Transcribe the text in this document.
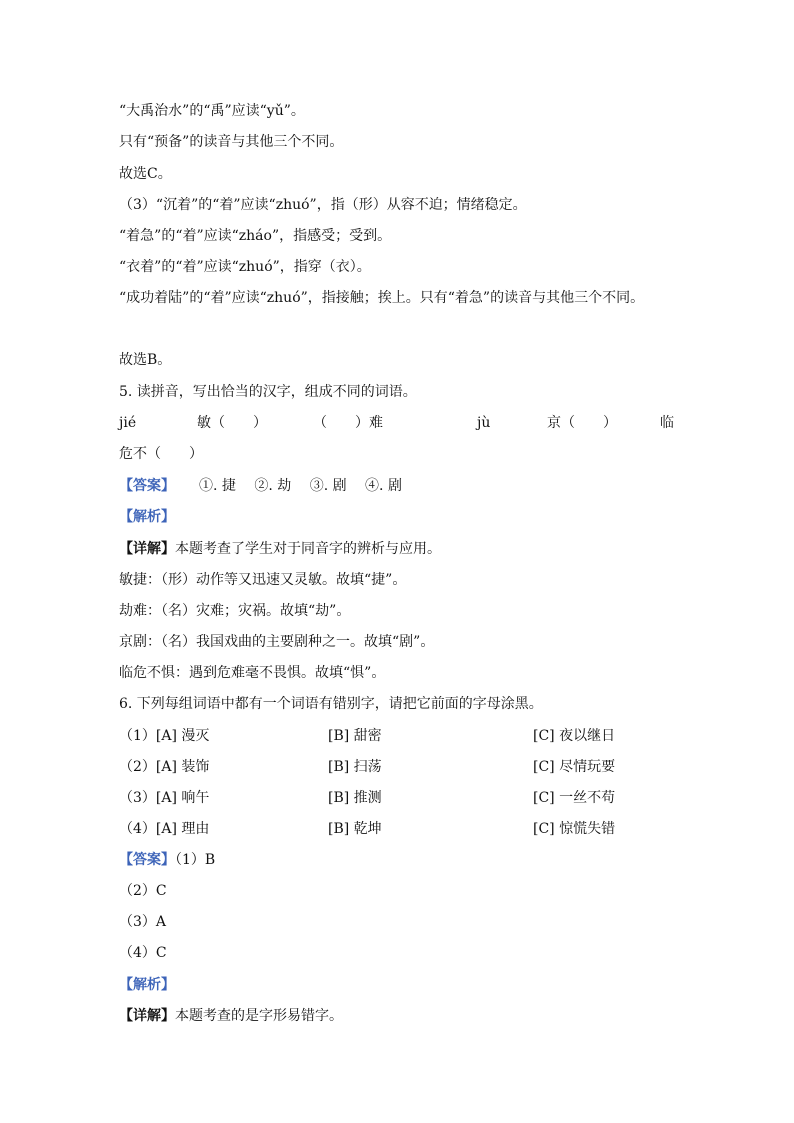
“大禹治水”的“禹”应读“yǔ”。
只有“预备”的读音与其他三个不同。
故选C。
（3）“沉着”的“着”应读“zhuó”，指（形）从容不迫；情绪稳定。
“着急”的“着”应读“zháo”，指感受；受到。
“衣着”的“着”应读“zhuó”，指穿（衣）。
“成功着陆”的“着”应读“zhuó”，指接触；挨上。只有“着急”的读音与其他三个不同。
故选B。
5. 读拼音，写出恰当的汉字，组成不同的词语。
jié	敏（　　）	（　　）难	jù	京（　　）	临
危不（　　）
【答案】 ①. 捷　 ②. 劫　 ③. 剧　 ④. 剧
【解析】
【详解】本题考查了学生对于同音字的辨析与应用。
敏捷：（形）动作等又迅速又灵敏。故填“捷”。
劫难：（名）灾难；灾祸。故填“劫”。
京剧：（名）我国戏曲的主要剧种之一。故填“剧”。
临危不惧：遇到危难毫不畏惧。故填“惧”。
6. 下列每组词语中都有一个词语有错别字，请把它前面的字母涂黑。
（1）[A] 漫灭	[B] 甜密	[C] 夜以继日
（2）[A] 装饰	[B] 扫荡	[C] 尽情玩要
（3）[A] 响午	[B] 推测	[C] 一丝不苟
（4）[A] 理由	[B] 乾坤	[C] 惊慌失错
【答案】（1）B
（2）C
（3）A
（4）C
【解析】
【详解】本题考查的是字形易错字。
